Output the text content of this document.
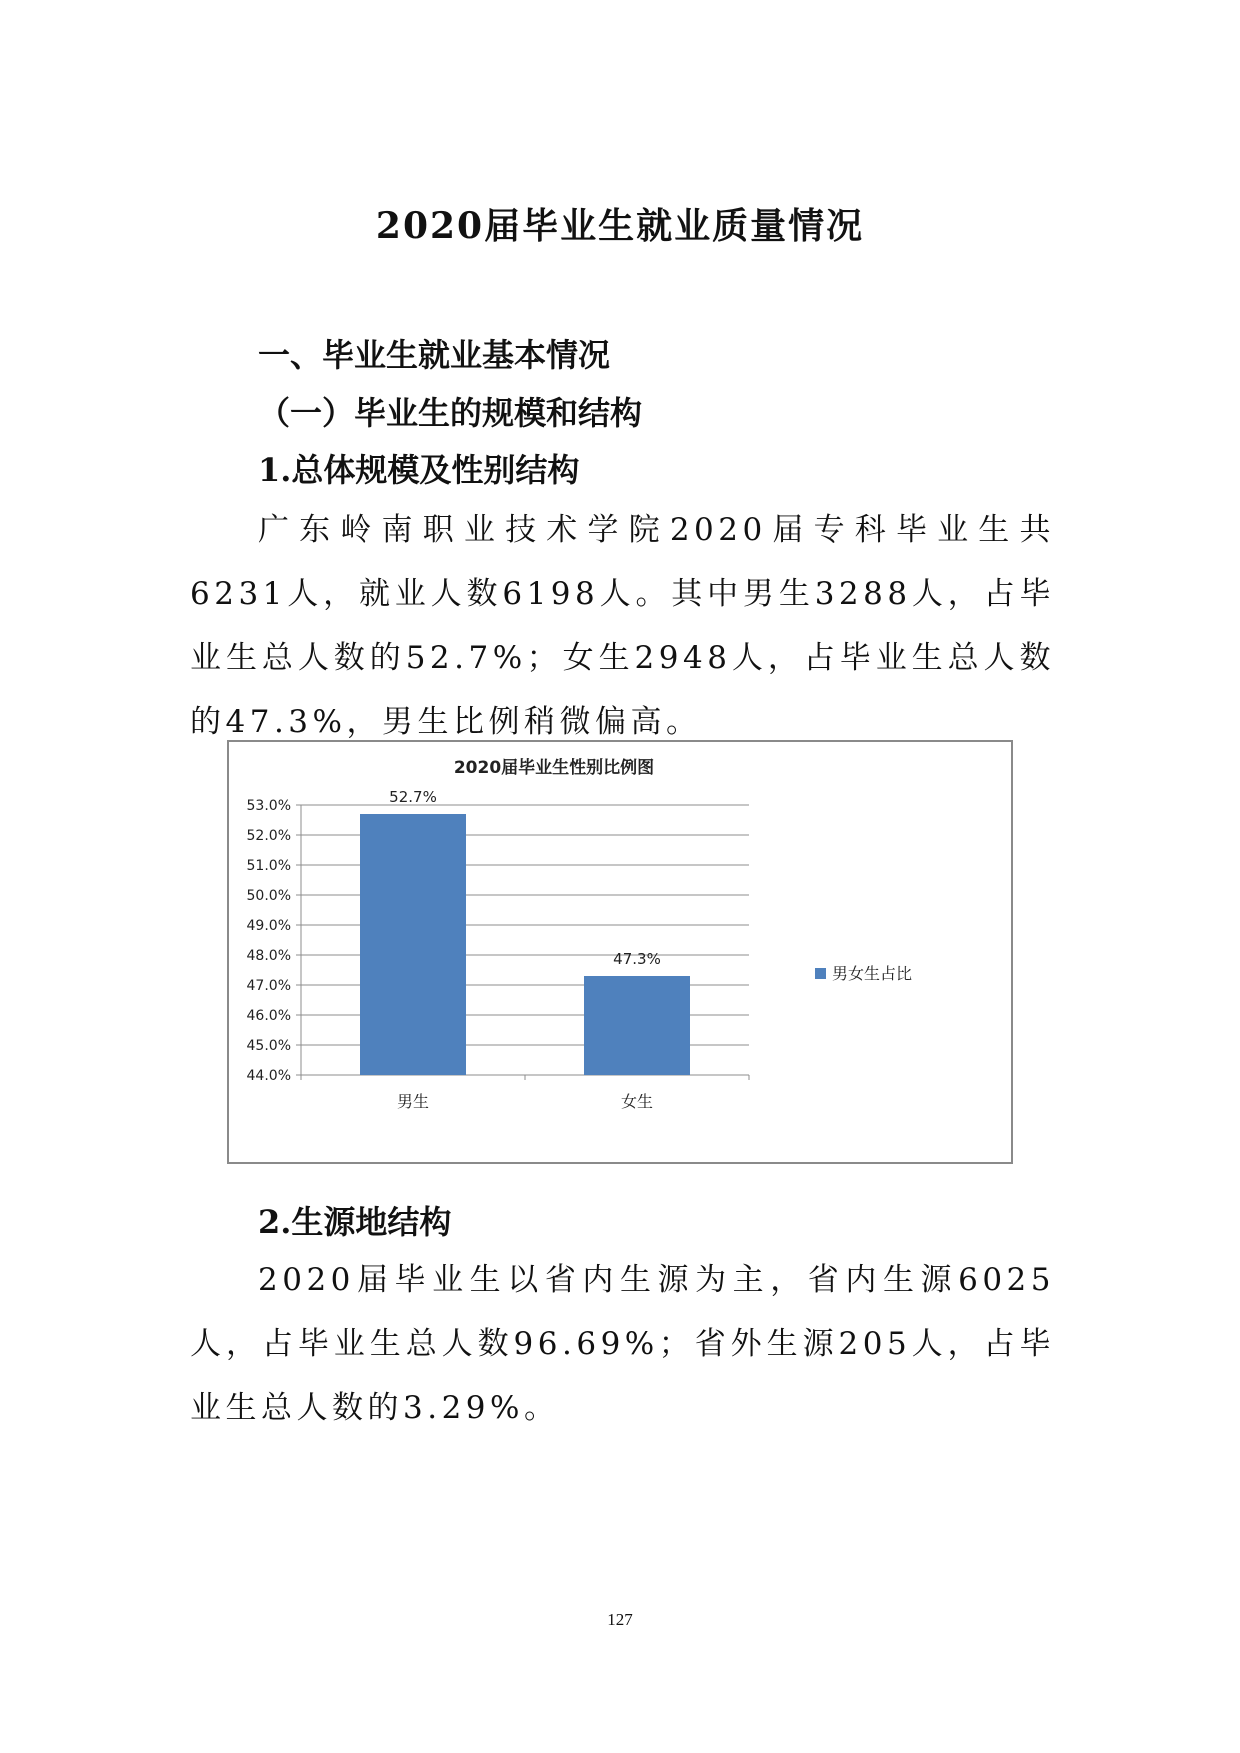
2020届毕业生就业质量情况
一、毕业生就业基本情况
（一）毕业生的规模和结构
1.总体规模及性别结构
广东岭南职业技术学院2020届专科毕业生共6231人，就业人数6198人。其中男生3288人，占毕业生总人数的52.7%；女生2948人，占毕业生总人数的47.3%，男生比例稍微偏高。
2020届毕业生性别比例图
44.0%
45.0%
46.0%
47.0%
48.0%
49.0%
50.0%
51.0%
52.0%
53.0%	52.7%
男生
47.3%
女生
男女生占比
2.生源地结构
2020届毕业生以省内生源为主，省内生源6025人，占毕业生总人数96.69%；省外生源205人，占毕业生总人数的3.29%。
127
